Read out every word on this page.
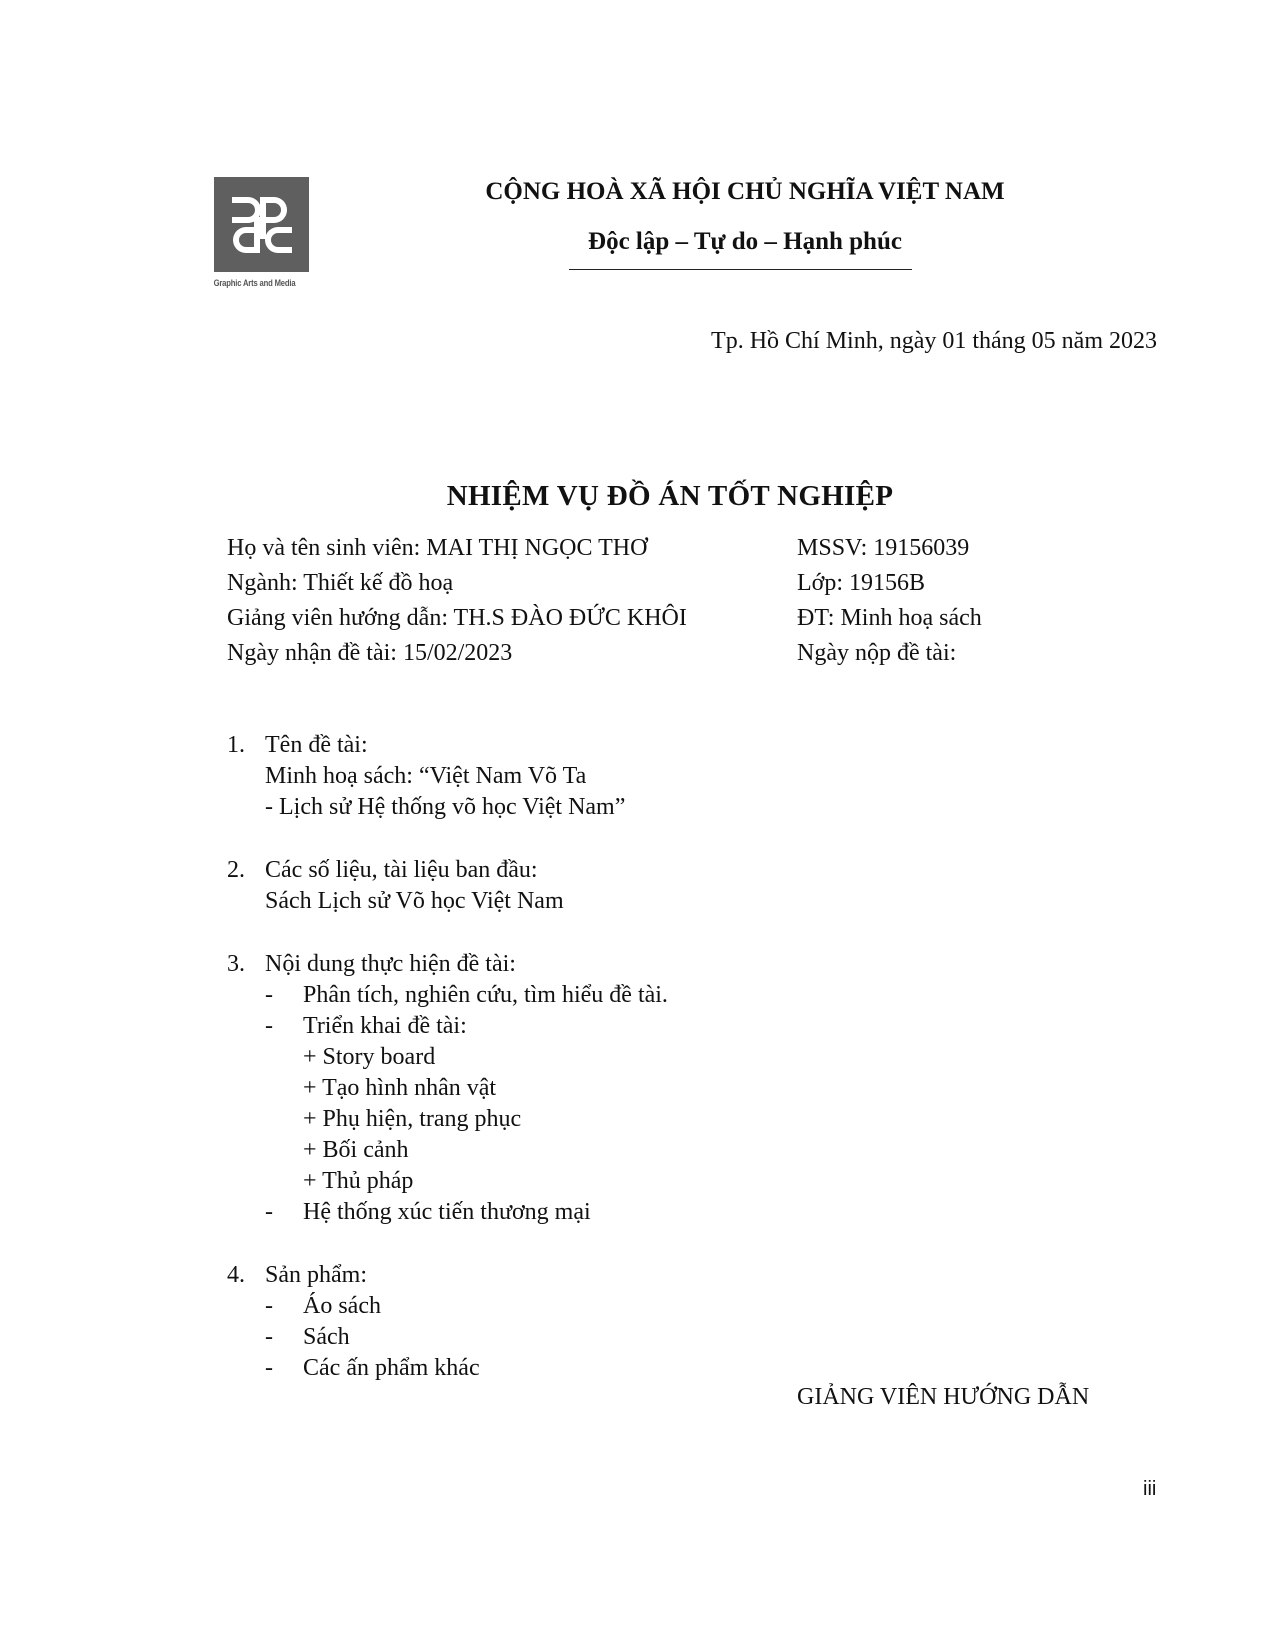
Graphic Arts and Media
CỘNG HOÀ XÃ HỘI CHỦ NGHĨA VIỆT NAM
Độc lập – Tự do – Hạnh phúc
Tp. Hồ Chí Minh, ngày 01 tháng 05 năm 2023
NHIỆM VỤ ĐỒ ÁN TỐT NGHIỆP
Họ và tên sinh viên: MAI THỊ NGỌC THƠ
Ngành: Thiết kế đồ hoạ
Giảng viên hướng dẫn: TH.S ĐÀO ĐỨC KHÔI
Ngày nhận đề tài: 15/02/2023
MSSV: 19156039
Lớp: 19156B
ĐT: Minh hoạ sách
Ngày nộp đề tài:
1. Tên đề tài:
Minh hoạ sách: “Việt Nam Võ Ta
- Lịch sử Hệ thống võ học Việt Nam”
2. Các số liệu, tài liệu ban đầu:
Sách Lịch sử Võ học Việt Nam
3. Nội dung thực hiện đề tài:
- Phân tích, nghiên cứu, tìm hiểu đề tài.
- Triển khai đề tài:
+ Story board
+ Tạo hình nhân vật
+ Phụ hiện, trang phục
+ Bối cảnh
+ Thủ pháp
- Hệ thống xúc tiến thương mại
4. Sản phẩm:
- Áo sách
- Sách
- Các ấn phẩm khác
GIẢNG VIÊN HƯỚNG DẪN
iii
